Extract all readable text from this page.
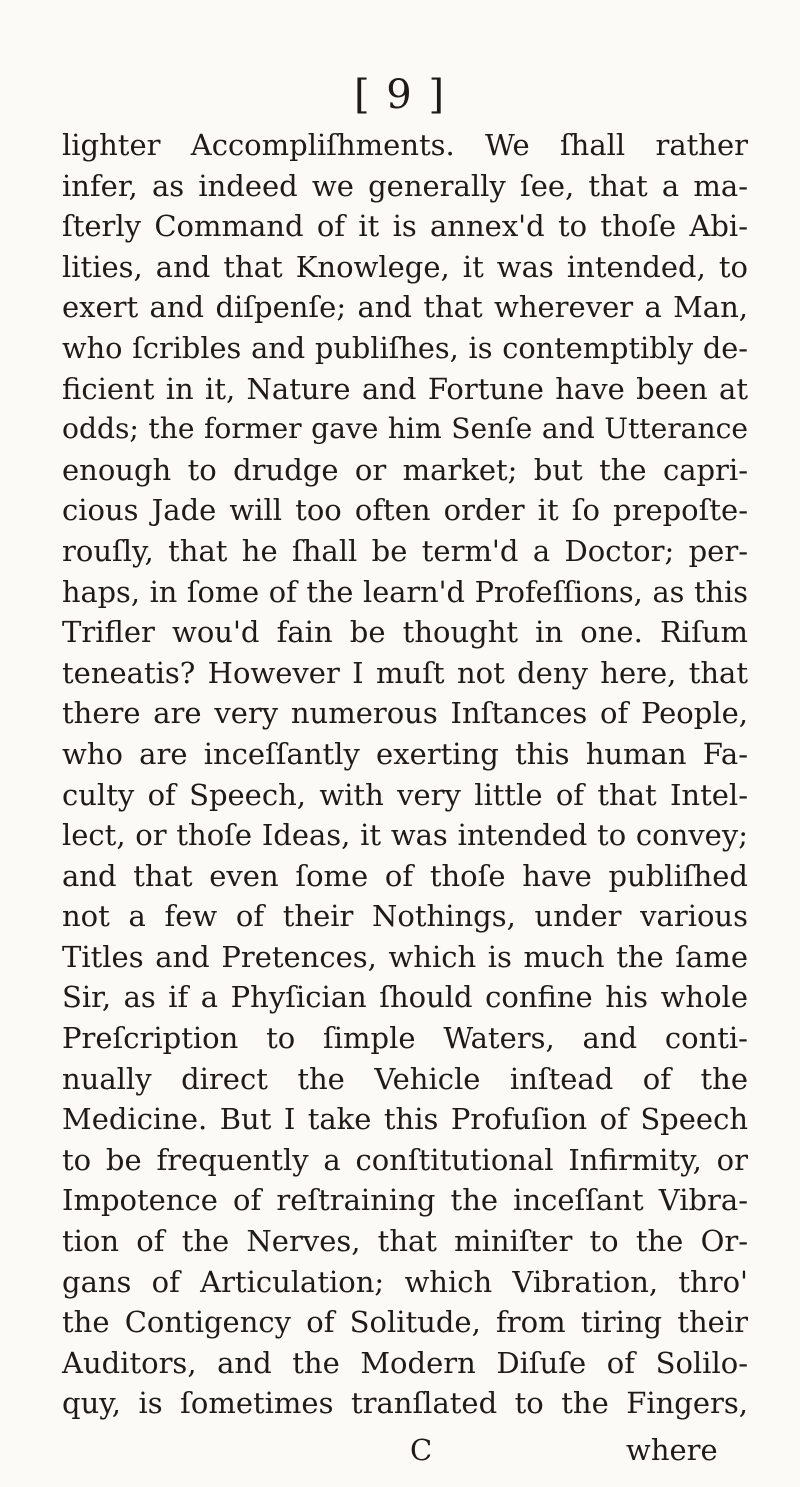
[ 9 ]
lighter Accompliſhments. We ſhall rather
infer, as indeed we generally ſee, that a ma-
ſterly Command of it is annex'd to thoſe Abi-
lities, and that Knowlege, it was intended, to
exert and diſpenſe; and that wherever a Man,
who ſcribles and publiſhes, is contemptibly de-
ficient in it, Nature and Fortune have been at
odds; the former gave him Senſe and Utterance
enough to drudge or market; but the capri-
cious Jade will too often order it ſo prepoſte-
rouſly, that he ſhall be term'd a Doctor; per-
haps, in ſome of the learn'd Profeſſions, as this
Trifler wou'd fain be thought in one. Riſum
teneatis? However I muſt not deny here, that
there are very numerous Inſtances of People,
who are inceſſantly exerting this human Fa-
culty of Speech, with very little of that Intel-
lect, or thoſe Ideas, it was intended to convey;
and that even ſome of thoſe have publiſhed
not a few of their Nothings, under various
Titles and Pretences, which is much the ſame
Sir, as if a Phyſician ſhould confine his whole
Preſcription to ſimple Waters, and conti-
nually direct the Vehicle inſtead of the
Medicine. But I take this Profuſion of Speech
to be frequently a conſtitutional Infirmity, or
Impotence of reſtraining the inceſſant Vibra-
tion of the Nerves, that miniſter to the Or-
gans of Articulation; which Vibration, thro'
the Contigency of Solitude, from tiring their
Auditors, and the Modern Diſuſe of Solilo-
quy, is ſometimes tranſlated to the Fingers,
C	where
